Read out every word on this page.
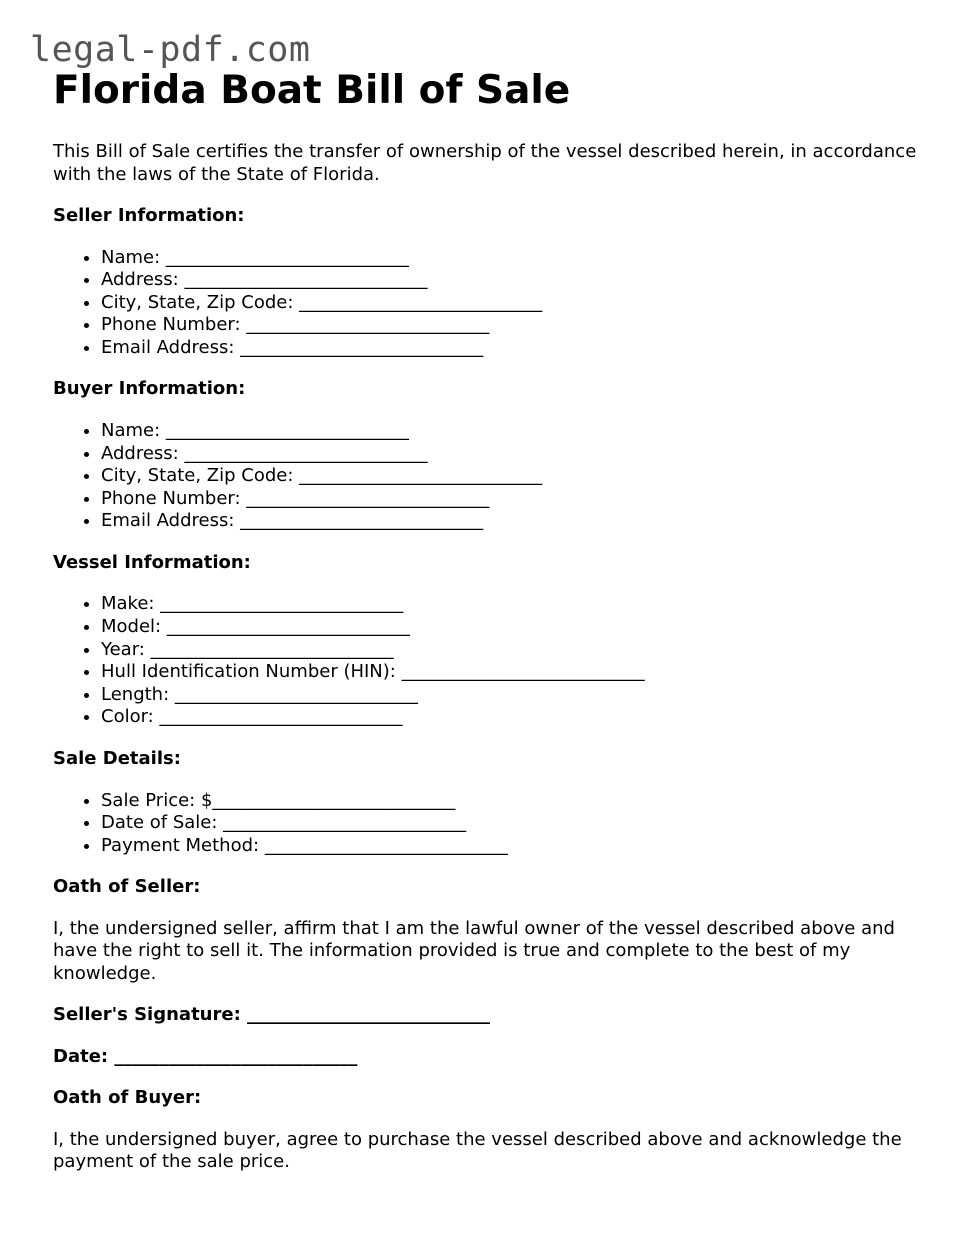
legal-pdf.com
Florida Boat Bill of Sale

This Bill of Sale certifies the transfer of ownership of the vessel described herein, in accordance with the laws of the State of Florida.

Seller Information:
• Name: ___________________________
• Address: ___________________________
• City, State, Zip Code: ___________________________
• Phone Number: ___________________________
• Email Address: ___________________________
Buyer Information:
• Name: ___________________________
• Address: ___________________________
• City, State, Zip Code: ___________________________
• Phone Number: ___________________________
• Email Address: ___________________________
Vessel Information:
• Make: ___________________________
• Model: ___________________________
• Year: ___________________________
• Hull Identification Number (HIN): ___________________________
• Length: ___________________________
• Color: ___________________________
Sale Details:
• Sale Price: $___________________________
• Date of Sale: ___________________________
• Payment Method: ___________________________
Oath of Seller:

I, the undersigned seller, affirm that I am the lawful owner of the vessel described above and have the right to sell it. The information provided is true and complete to the best of my knowledge.

Seller's Signature: ___________________________
Date: ___________________________
Oath of Buyer:

I, the undersigned buyer, agree to purchase the vessel described above and acknowledge the payment of the sale price.
